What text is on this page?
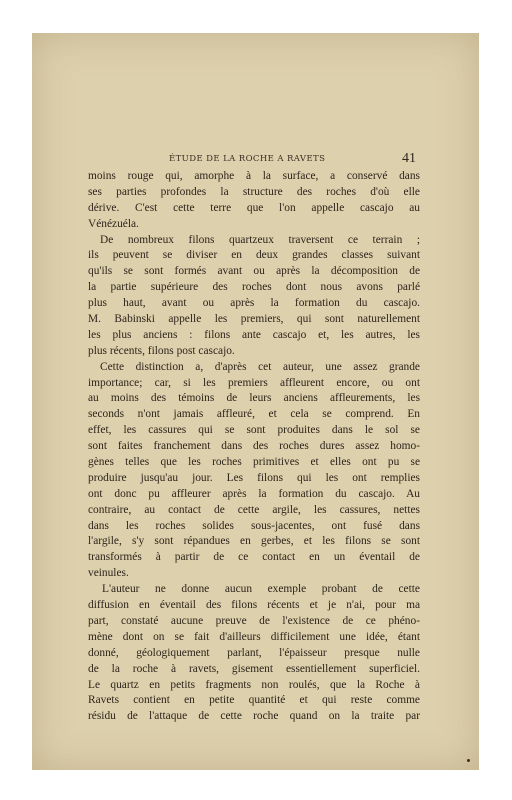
ÉTUDE DE LA ROCHE A RAVETS	41
moins rouge qui, amorphe à la surface, a conservé dans
ses parties profondes la structure des roches d'où elle
dérive. C'est cette terre que l'on appelle cascajo au
Vénézuéla.
De nombreux filons quartzeux traversent ce terrain ;
ils peuvent se diviser en deux grandes classes suivant
qu'ils se sont formés avant ou après la décomposition de
la partie supérieure des roches dont nous avons parlé
plus haut, avant ou après la formation du cascajo.
M. Babinski appelle les premiers, qui sont naturellement
les plus anciens : filons ante cascajo et, les autres, les
plus récents, filons post cascajo.
Cette distinction a, d'après cet auteur, une assez grande
importance; car, si les premiers affleurent encore, ou ont
au moins des témoins de leurs anciens affleurements, les
seconds n'ont jamais affleuré, et cela se comprend. En
effet, les cassures qui se sont produites dans le sol se
sont faites franchement dans des roches dures assez homo-
gènes telles que les roches primitives et elles ont pu se
produire jusqu'au jour. Les filons qui les ont remplies
ont donc pu affleurer après la formation du cascajo. Au
contraire, au contact de cette argile, les cassures, nettes
dans les roches solides sous-jacentes, ont fusé dans
l'argile, s'y sont répandues en gerbes, et les filons se sont
transformés à partir de ce contact en un éventail de
veinules.
L'auteur ne donne aucun exemple probant de cette
diffusion en éventail des filons récents et je n'ai, pour ma
part, constaté aucune preuve de l'existence de ce phéno-
mène dont on se fait d'ailleurs difficilement une idée, étant
donné, géologiquement parlant, l'épaisseur presque nulle
de la roche à ravets, gisement essentiellement superficiel.
Le quartz en petits fragments non roulés, que la Roche à
Ravets contient en petite quantité et qui reste comme
résidu de l'attaque de cette roche quand on la traite par
